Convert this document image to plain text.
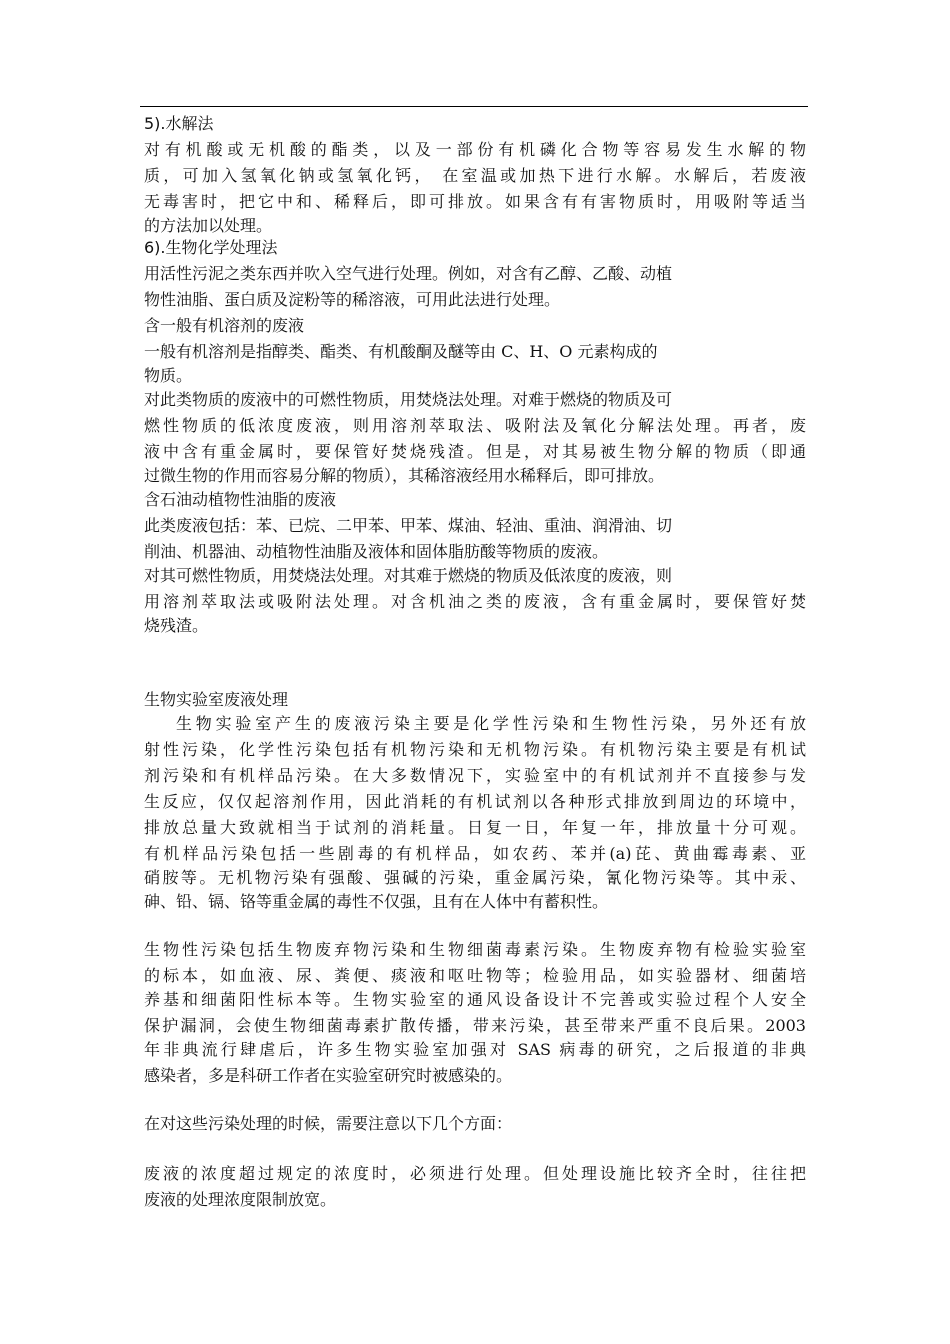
5).水解法
对有机酸或无机酸的酯类，以及一部份有机磷化合物等容易发生水解的物
质，可加入氢氧化钠或氢氧化钙， 在室温或加热下进行水解。水解后，若废液
无毒害时，把它中和、稀释后，即可排放。如果含有有害物质时，用吸附等适当
的方法加以处理。
6).生物化学处理法
用活性污泥之类东西并吹入空气进行处理。例如，对含有乙醇、乙酸、动植
物性油脂、蛋白质及淀粉等的稀溶液，可用此法进行处理。
含一般有机溶剂的废液
一般有机溶剂是指醇类、酯类、有机酸酮及醚等由 C、H、O 元素构成的
物质。
对此类物质的废液中的可燃性物质，用焚烧法处理。对难于燃烧的物质及可
燃性物质的低浓度废液，则用溶剂萃取法、吸附法及氧化分解法处理。再者，废
液中含有重金属时，要保管好焚烧残渣。但是，对其易被生物分解的物质（即通
过微生物的作用而容易分解的物质），其稀溶液经用水稀释后，即可排放。
含石油动植物性油脂的废液
此类废液包括：苯、已烷、二甲苯、甲苯、煤油、轻油、重油、润滑油、切
削油、机器油、动植物性油脂及液体和固体脂肪酸等物质的废液。
对其可燃性物质，用焚烧法处理。对其难于燃烧的物质及低浓度的废液，则
用溶剂萃取法或吸附法处理。对含机油之类的废液，含有重金属时，要保管好焚
烧残渣。
生物实验室废液处理
生物实验室产生的废液污染主要是化学性污染和生物性污染，另外还有放
射性污染，化学性污染包括有机物污染和无机物污染。有机物污染主要是有机试
剂污染和有机样品污染。在大多数情况下，实验室中的有机试剂并不直接参与发
生反应，仅仅起溶剂作用，因此消耗的有机试剂以各种形式排放到周边的环境中，
排放总量大致就相当于试剂的消耗量。日复一日，年复一年，排放量十分可观。
有机样品污染包括一些剧毒的有机样品，如农药、苯并(a)芘、黄曲霉毒素、亚
硝胺等。无机物污染有强酸、强碱的污染，重金属污染，氰化物污染等。其中汞、
砷、铅、镉、铬等重金属的毒性不仅强，且有在人体中有蓄积性。
生物性污染包括生物废弃物污染和生物细菌毒素污染。生物废弃物有检验实验室
的标本，如血液、尿、粪便、痰液和呕吐物等；检验用品，如实验器材、细菌培
养基和细菌阳性标本等。生物实验室的通风设备设计不完善或实验过程个人安全
保护漏洞，会使生物细菌毒素扩散传播，带来污染，甚至带来严重不良后果。2003
年非典流行肆虐后，许多生物实验室加强对 SAS 病毒的研究，之后报道的非典
感染者，多是科研工作者在实验室研究时被感染的。
在对这些污染处理的时候，需要注意以下几个方面：
废液的浓度超过规定的浓度时，必须进行处理。但处理设施比较齐全时，往往把
废液的处理浓度限制放宽。
